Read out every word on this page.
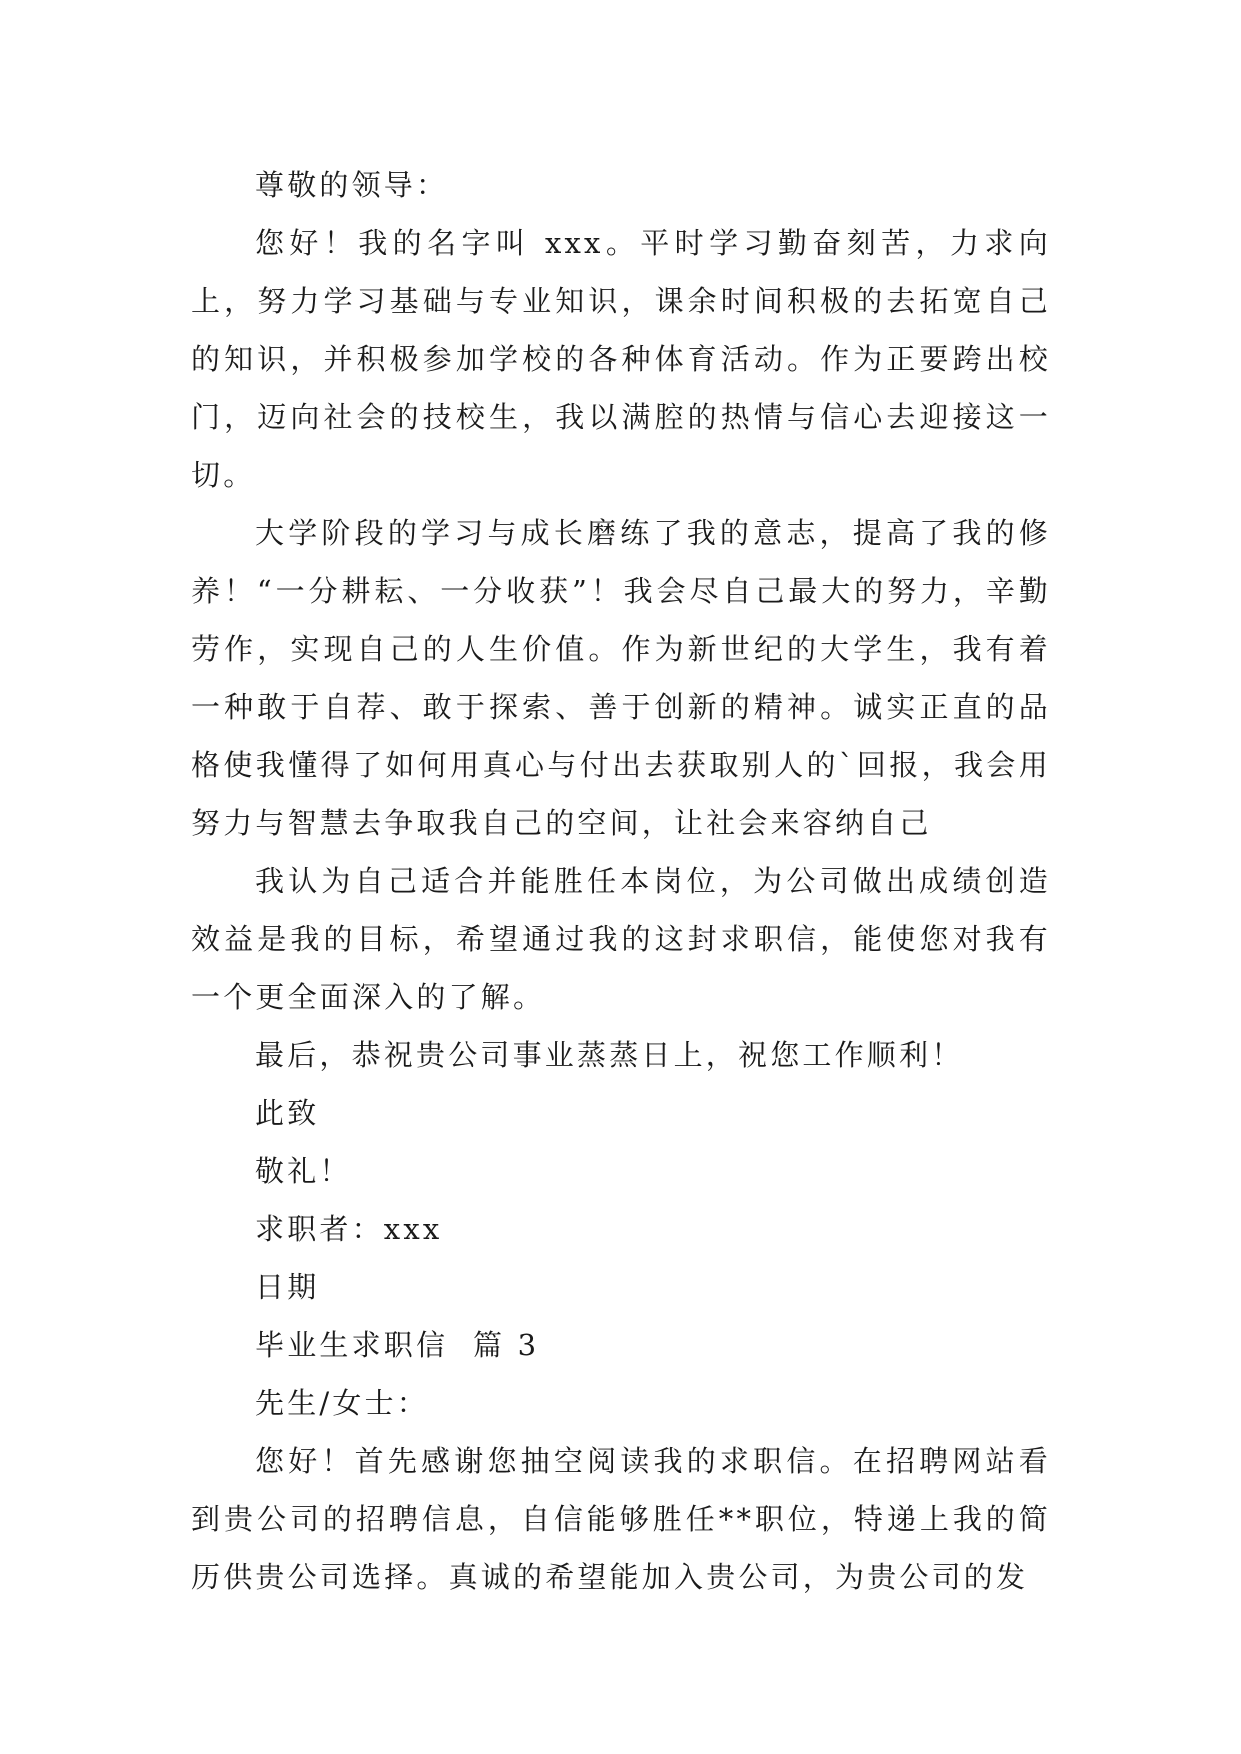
尊敬的领导：

您好！我的名字叫 xxx。平时学习勤奋刻苦，力求向上，努力学习基础与专业知识，课余时间积极的去拓宽自己的知识，并积极参加学校的各种体育活动。作为正要跨出校门，迈向社会的技校生，我以满腔的热情与信心去迎接这一切。

大学阶段的学习与成长磨练了我的意志，提高了我的修养！“一分耕耘、一分收获”！我会尽自己最大的努力，辛勤劳作，实现自己的人生价值。作为新世纪的大学生，我有着一种敢于自荐、敢于探索、善于创新的精神。诚实正直的品格使我懂得了如何用真心与付出去获取别人的`回报，我会用努力与智慧去争取我自己的空间，让社会来容纳自己

我认为自己适合并能胜任本岗位，为公司做出成绩创造效益是我的目标，希望通过我的这封求职信，能使您对我有一个更全面深入的了解。

最后，恭祝贵公司事业蒸蒸日上，祝您工作顺利！

此致

敬礼！

求职者：xxx

日期

毕业生求职信  篇 3

先生/女士：

您好！首先感谢您抽空阅读我的求职信。在招聘网站看到贵公司的招聘信息，自信能够胜任**职位，特递上我的简历供贵公司选择。真诚的希望能加入贵公司，为贵公司的发
